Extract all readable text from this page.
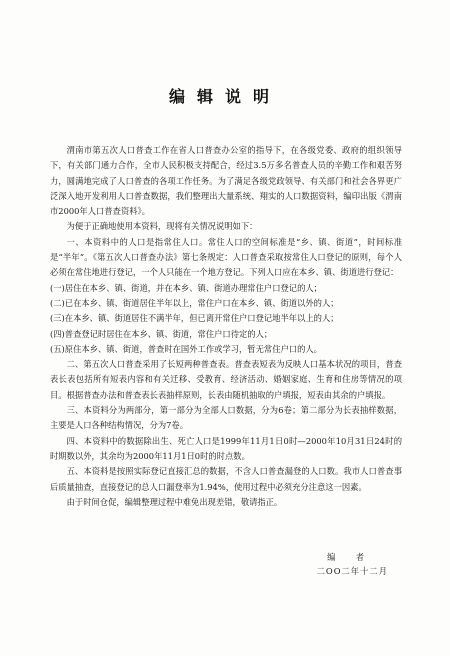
编辑说明

渭南市第五次人口普查工作在省人口普查办公室的指导下，在各级党委、政府的组织领导下，有关部门通力合作，全市人民积极支持配合，经过3.5万多名普查人员的辛勤工作和艰苦努力，圆满地完成了人口普查的各项工作任务。为了满足各级党政领导、有关部门和社会各界更广泛深入地开发利用人口普查数据，我们整理出大量系统、翔实的人口数据资料，编印出版《渭南市2000年人口普查资料》。

为便于正确地使用本资料，现将有关情况说明如下：

一、本资料中的人口是指常住人口。常住人口的空间标准是“乡、镇、街道”，时间标准是“半年”。《第五次人口普查办法》第七条规定：人口普查采取按常住人口登记的原则，每个人必须在常住地进行登记，一个人只能在一个地方登记。下列人口应在本乡、镇、街道进行登记：

(一)居住在本乡、镇、街道，并在本乡、镇、街道办理常住户口登记的人；

(二)已在本乡、镇、街道居住半年以上，常住户口在本乡、镇、街道以外的人；

(三)在本乡、镇、街道居住不满半年，但已离开常住户口登记地半年以上的人；

(四)普查登记时居住在本乡、镇、街道，常住户口待定的人；

(五)原住本乡、镇、街道，普查时在国外工作或学习，暂无常住户口的人。

二、第五次人口普查采用了长短两种普查表。普查表短表为反映人口基本状况的项目，普查表长表包括所有短表内容和有关迁移、受教育、经济活动、婚姻家庭、生育和住房等情况的项目。根据普查办法和普查表长表抽样原则，长表由随机抽取的户填报，短表由其余的户填报。

三、本资料分为两部分，第一部分为全部人口数据，分为6卷；第二部分为长表抽样数据，主要是人口各种结构情况，分为7卷。

四、本资料中的数据除出生、死亡人口是1999年11月1日0时—2000年10月31日24时的时期数以外，其余均为2000年11月1日0时的时点数。

五、本资料是按照实际登记直接汇总的数据，不含人口普查漏登的人口数。我市人口普查事后质量抽查，直接登记的总人口漏登率为1.94%，使用过程中必须充分注意这一因素。

由于时间仓促，编辑整理过程中难免出现差错，敬请指正。

编　者
二OO二年十二月
